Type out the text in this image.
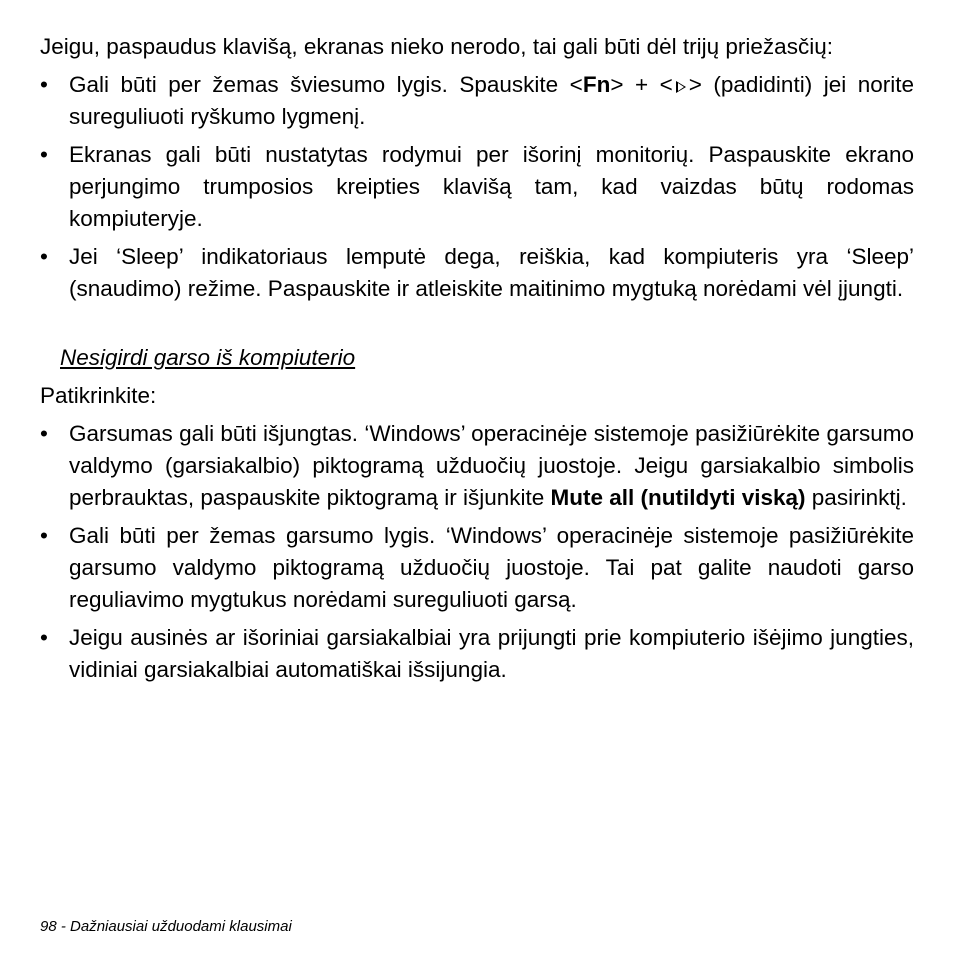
Jeigu, paspaudus klavišą, ekranas nieko nerodo, tai gali būti dėl trijų priežasčių:

• Gali būti per žemas šviesumo lygis. Spauskite <Fn> + < > (padidinti) jei norite sureguliuoti ryškumo lygmenį.
• Ekranas gali būti nustatytas rodymui per išorinį monitorių. Paspauskite ekrano perjungimo trumposios kreipties klavišą tam, kad vaizdas būtų rodomas kompiuteryje.
• Jei ‘Sleep’ indikatoriaus lemputė dega, reiškia, kad kompiuteris yra ‘Sleep’ (snaudimo) režime. Paspauskite ir atleiskite maitinimo mygtuką norėdami vėl įjungti.

Nesigirdi garso iš kompiuterio

Patikrinkite:

• Garsumas gali būti išjungtas. ‘Windows’ operacinėje sistemoje pasižiūrėkite garsumo valdymo (garsiakalbio) piktogramą užduočių juostoje. Jeigu garsiakalbio simbolis perbrauktas, paspauskite piktogramą ir išjunkite Mute all (nutildyti viską) pasirinktį.
• Gali būti per žemas garsumo lygis. ‘Windows’ operacinėje sistemoje pasižiūrėkite garsumo valdymo piktogramą užduočių juostoje. Tai pat galite naudoti garso reguliavimo mygtukus norėdami sureguliuoti garsą.
• Jeigu ausinės ar išoriniai garsiakalbiai yra prijungti prie kompiuterio išėjimo jungties, vidiniai garsiakalbiai automatiškai išsijungia.
98 - Dažniausiai užduodami klausimai
